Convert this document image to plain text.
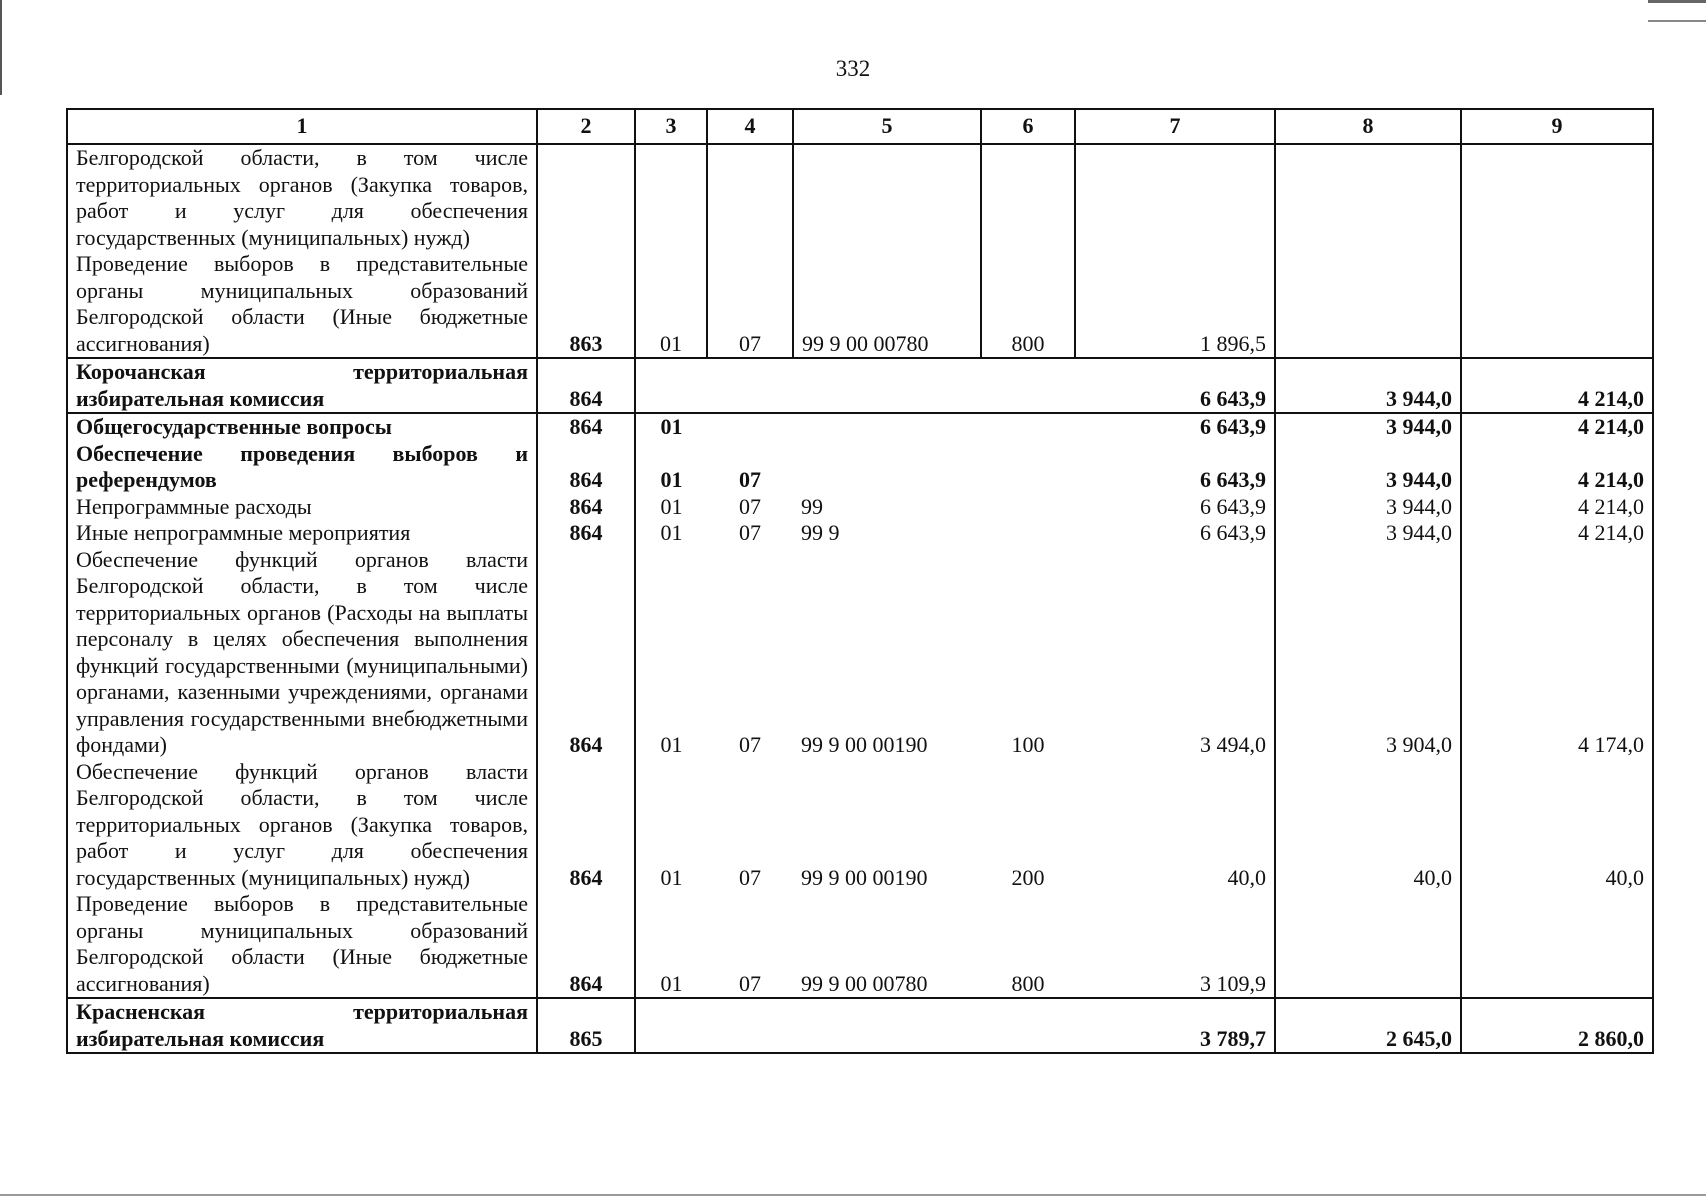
332
1	2	3	4	5	6	7	8	9
Белгородской области, в том числе территориальных органов (Закупка товаров, работ и услуг для обеспечения государственных (муниципальных) нужд)								
Проведение выборов в представительные органы муниципальных образований Белгородской области (Иные бюджетные ассигнования)	863	01	07	99 9 00 00780	800	1 896,5		
Корочанская территориальная избирательная комиссия	864					6 643,9	3 944,0	4 214,0
Общегосударственные вопросы	864	01				6 643,9	3 944,0	4 214,0
Обеспечение проведения выборов и референдумов	864	01	07			6 643,9	3 944,0	4 214,0
Непрограммные расходы	864	01	07	99		6 643,9	3 944,0	4 214,0
Иные непрограммные мероприятия	864	01	07	99 9		6 643,9	3 944,0	4 214,0
Обеспечение функций органов власти Белгородской области, в том числе территориальных органов (Расходы на выплаты персоналу в целях обеспечения выполнения функций государственными (муниципальными) органами, казенными учреждениями, органами управления государственными внебюджетными фондами)	864	01	07	99 9 00 00190	100	3 494,0	3 904,0	4 174,0
Обеспечение функций органов власти Белгородской области, в том числе территориальных органов (Закупка товаров, работ и услуг для обеспечения государственных (муниципальных) нужд)	864	01	07	99 9 00 00190	200	40,0	40,0	40,0
Проведение выборов в представительные органы муниципальных образований Белгородской области (Иные бюджетные ассигнования)	864	01	07	99 9 00 00780	800	3 109,9		
Красненская территориальная избирательная комиссия	865					3 789,7	2 645,0	2 860,0
